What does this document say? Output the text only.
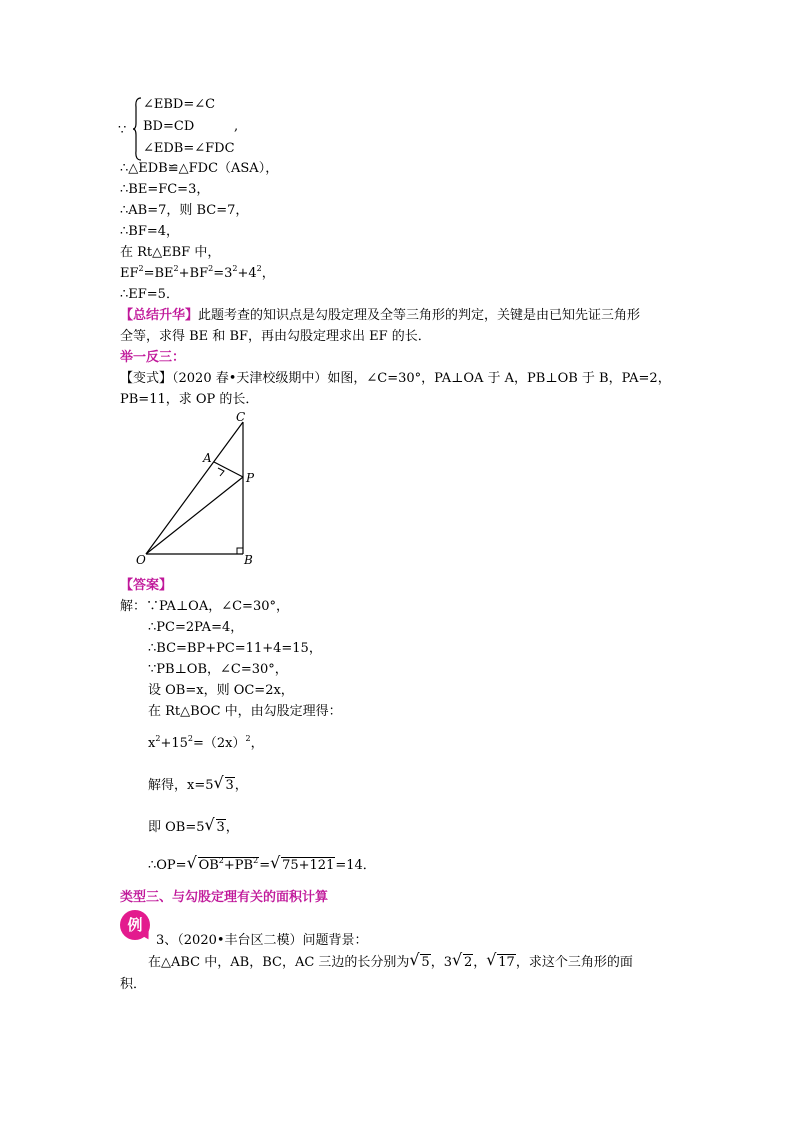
∵
∠EBD=∠C
BD=CD	,
∠EDB=∠FDC
∴△EDB≌△FDC（ASA），
∴BE=FC=3，
∴AB=7，则 BC=7，
∴BF=4，
在 Rt△EBF 中，
$EF^2=BE^2+BF^2=3^2+4^2$，
∴EF=5．
【总结升华】此题考查的知识点是勾股定理及全等三角形的判定，关键是由已知先证三角形
全等，求得 BE 和 BF，再由勾股定理求出 EF 的长．
举一反三：
【变式】（2020 春•天津校级期中）如图，∠C=30°，PA⊥OA 于 A，PB⊥OB 于 B，PA=2，
PB=11，求 OP 的长．
C
A
P
O	B
【答案】
解：∵PA⊥OA，∠C=30°，
∴PC=2PA=4，
∴BC=BP+PC=11+4=15，
∵PB⊥OB，∠C=30°，
设 OB=x，则 OC=2x，
在 Rt△BOC 中，由勾股定理得：
$x^2+15^2=(2x)^2$，
解得，x=5 √ 3，
即 OB=5 √ 3，
∴OP= √ $OB^2+PB^2=$ √ 75+121=14．
类型三、与勾股定理有关的面积计算
例
3、（2020•丰台区二模）问题背景：
在△ABC 中，AB，BC，AC 三边的长分别为 √ 5，3 √ 2， √ 17，求这个三角形的面
积．
